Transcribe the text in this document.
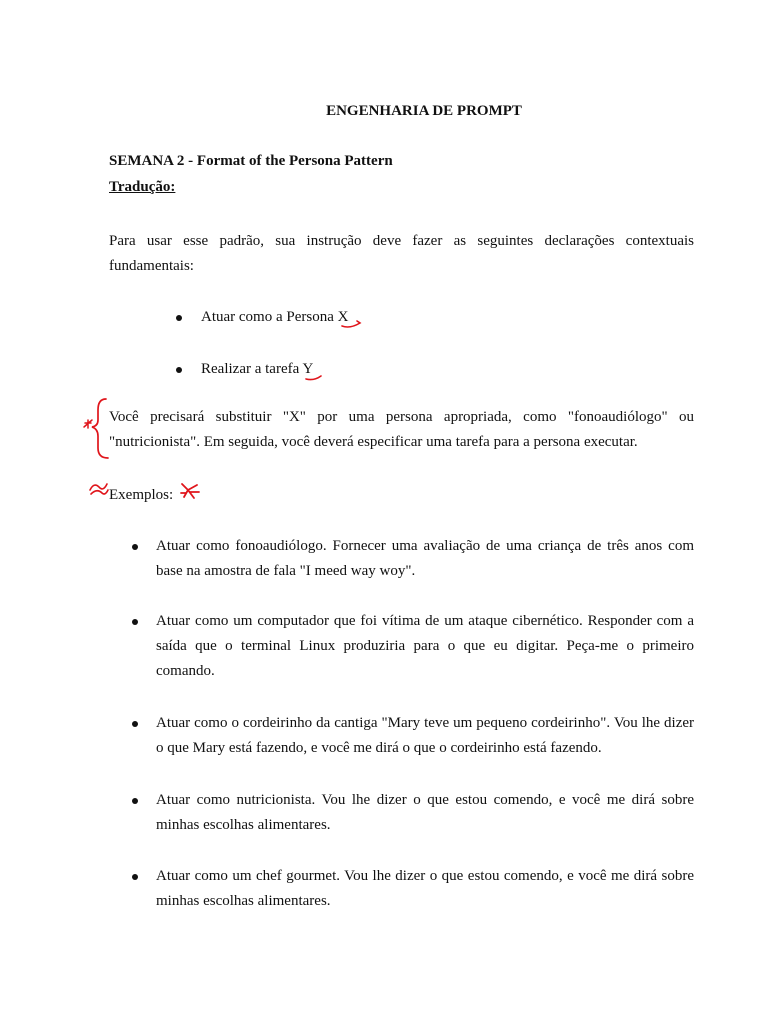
ENGENHARIA DE PROMPT
SEMANA 2 - Format of the Persona Pattern
Tradução:
Para usar esse padrão, sua instrução deve fazer as seguintes declarações contextuais fundamentais:
Atuar como a Persona X
Realizar a tarefa Y
Você precisará substituir "X" por uma persona apropriada, como "fonoaudiólogo" ou "nutricionista". Em seguida, você deverá especificar uma tarefa para a persona executar.
Exemplos:
Atuar como fonoaudiólogo. Fornecer uma avaliação de uma criança de três anos com base na amostra de fala "I meed way woy".
Atuar como um computador que foi vítima de um ataque cibernético. Responder com a saída que o terminal Linux produziria para o que eu digitar. Peça-me o primeiro comando.
Atuar como o cordeirinho da cantiga "Mary teve um pequeno cordeirinho". Vou lhe dizer o que Mary está fazendo, e você me dirá o que o cordeirinho está fazendo.
Atuar como nutricionista. Vou lhe dizer o que estou comendo, e você me dirá sobre minhas escolhas alimentares.
Atuar como um chef gourmet. Vou lhe dizer o que estou comendo, e você me dirá sobre minhas escolhas alimentares.
